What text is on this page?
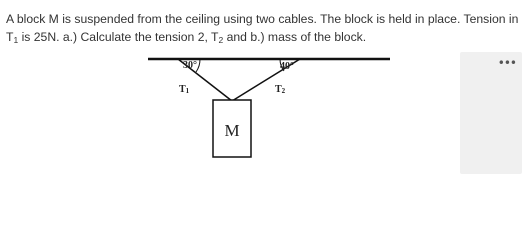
A block M is suspended from the ceiling using two cables. The block is held in place. Tension in
$T_1$ is 25N. a.) Calculate the tension 2, $T_2$ and b.) mass of the block.
30°	40°
T1	T2
M
•••
